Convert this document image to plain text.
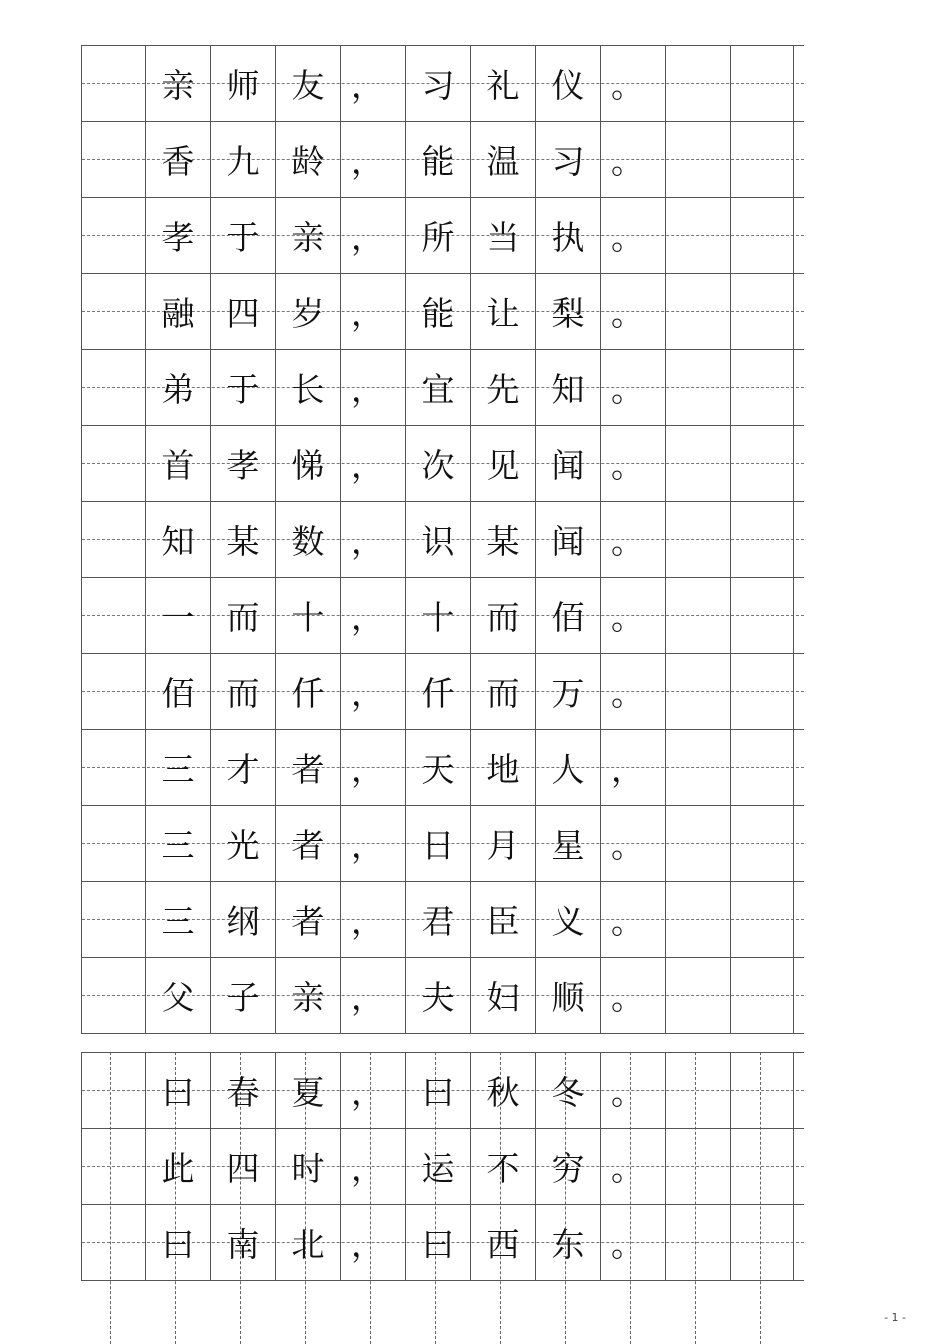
亲 师 友 ，	习 礼 仪 。
香 九 龄 ，	能 温 习 。
孝 于 亲 ，	所 当 执 。
融 四 岁 ，	能 让 梨 。
弟 于 长 ，	宜 先 知 。
首 孝 悌 ，	次 见 闻 。
知 某 数 ，	识 某 闻 。
一 而 十 ，	十 而 佰 。
佰 而 仟 ，	仟 而 万 。
三 才 者 ，	天 地 人 ，
三 光 者 ，	日 月 星 。
三 纲 者 ，	君 臣 义 。
父 子 亲 ，	夫 妇 顺 。
曰 春 夏 ，	曰 秋 冬 。
此 四 时 ，	运 不 穷 。
曰 南 北 ，	曰 西 东 。
- 1 -
